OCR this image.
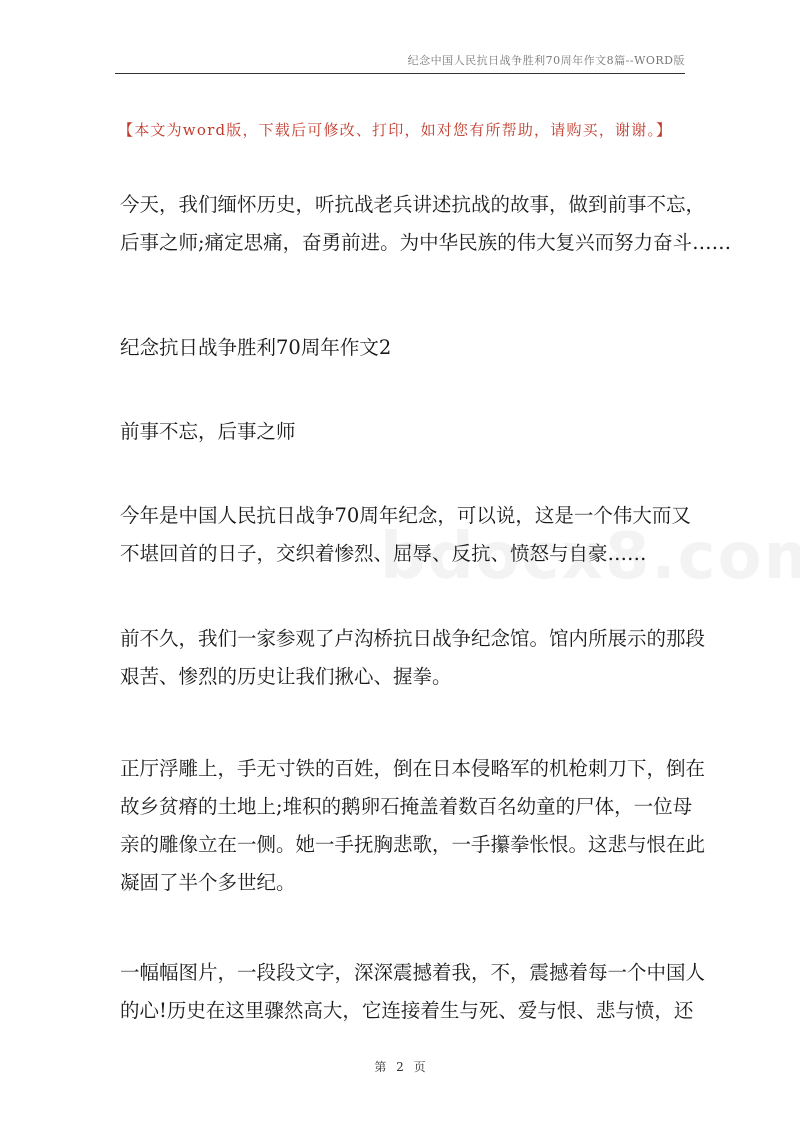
纪念中国人民抗日战争胜利70周年作文8篇--WORD版
【本文为word版，下载后可修改、打印，如对您有所帮助，请购买，谢谢。】
今天，我们缅怀历史，听抗战老兵讲述抗战的故事，做到前事不忘，
后事之师;痛定思痛，奋勇前进。为中华民族的伟大复兴而努力奋斗……
纪念抗日战争胜利70周年作文2
前事不忘，后事之师
今年是中国人民抗日战争70周年纪念，可以说，这是一个伟大而又
不堪回首的日子，交织着惨烈、屈辱、反抗、愤怒与自豪……
前不久，我们一家参观了卢沟桥抗日战争纪念馆。馆内所展示的那段
艰苦、惨烈的历史让我们揪心、握拳。
正厅浮雕上，手无寸铁的百姓，倒在日本侵略军的机枪刺刀下，倒在
故乡贫瘠的土地上;堆积的鹅卵石掩盖着数百名幼童的尸体，一位母
亲的雕像立在一侧。她一手抚胸悲歌，一手攥拳怅恨。这悲与恨在此
凝固了半个多世纪。
一幅幅图片，一段段文字，深深震撼着我，不，震撼着每一个中国人
的心!历史在这里骤然高大，它连接着生与死、爱与恨、悲与愤，还
第 2 页
